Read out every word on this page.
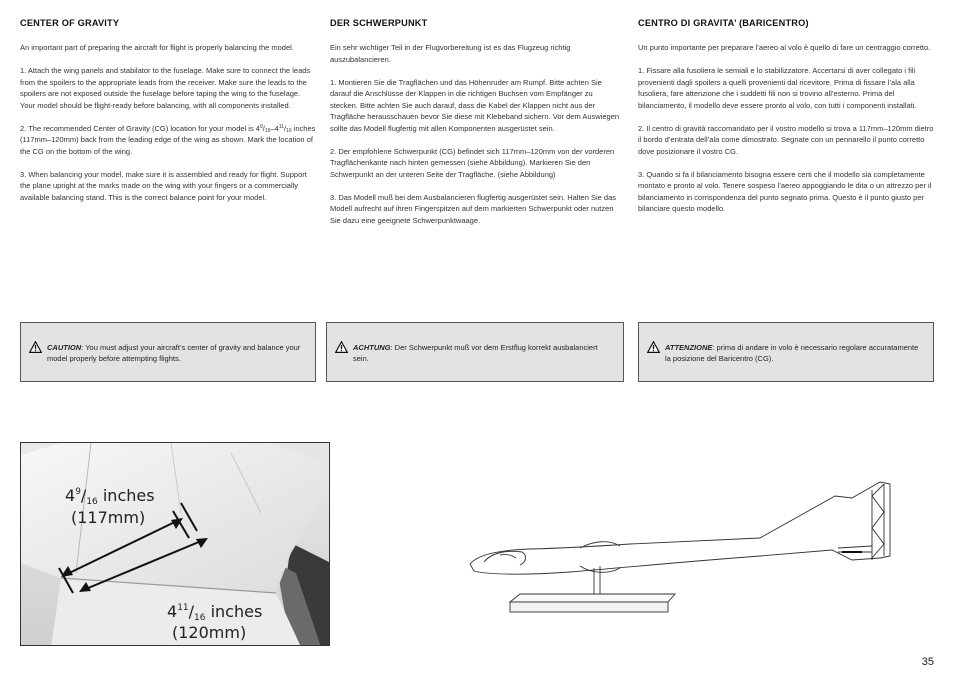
CENTER OF GRAVITY

An important part of preparing the aircraft for flight is properly balancing the model.

1. Attach the wing panels and stabilator to the fuselage. Make sure to connect the leads from the spoilers to the appropriate leads from the receiver. Make sure the leads to the spoilers are not exposed outside the fuselage before taping the wing to the fuselage. Your model should be flight-ready before balancing, with all components installed.

2. The recommended Center of Gravity (CG) location for your model is $4^9/_{16}-4^{11}/_{16}$ inches (117mm–120mm) back from the leading edge of the wing as shown. Mark the location of the CG on the bottom of the wing.

3. When balancing your model, make sure it is assembled and ready for flight. Support the plane upright at the marks made on the wing with your fingers or a commercially available balancing stand. This is the correct balance point for your model.

DER SCHWERPUNKT

Ein sehr wichtiger Teil in der Flugvorbereitung ist es das Flugzeug richtig auszubalancieren.

1. Montieren Sie die Tragflächen und das Höhenruder am Rumpf. Bitte achten Sie darauf die Anschlüsse der Klappen in die richtigen Buchsen vom Empfänger zu stecken. Bitte achten Sie auch darauf, dass die Kabel der Klappen nicht aus der Tragfläche herausschauen bevor Sie diese mit Klebeband sichern. Vor dem Auswiegen sollte das Modell flugfertig mit allen Komponenten ausgerüstet sein.

2. Der empfohlene Schwerpunkt (CG) befindet sich 117mm–120mm von der vorderen Tragflächenkante nach hinten gemessen (siehe Abbildung). Markieren Sie den Schwerpunkt an der unteren Seite der Tragfläche. (siehe Abbildung)

3. Das Modell muß bei dem Ausbalancieren flugfertig ausgerüstet sein. Halten Sie das Modell aufrecht auf ihren Fingerspitzen auf dem markierten Schwerpunkt oder nutzen Sie dazu eine geeignete Schwerpunktwaage.

CENTRO DI GRAVITA’ (BARICENTRO)

Un punto importante per preparare l’aereo al volo è quello di fare un centraggio corretto.

1. Fissare alla fusoliera le semiali e lo stabilizzatore. Accertarsi di aver collegato i fili provenienti dagli spoilers a quelli provenienti dal ricevitore. Prima di fissare l’ala alla fusoliera, fare attenzione che i suddetti fili non si trovino all’esterno. Prima del bilanciamento, il modello deve essere pronto al volo, con tutti i componenti installati.

2. Il centro di gravità raccomandato per il vostro modello si trova a 117mm–120mm dietro il bordo d’entrata dell’ala come dimostrato. Segnate con un pennarello il punto corretto dove posizionare il vostro CG.

3. Quando si fa il bilanciamento bisogna essere certi che il modello sia completamente montato e pronto al volo. Tenere sospeso l’aereo appoggiando le dita o un attrezzo per il bilanciamento in corrispondenza del punto segnato prima. Questo è il punto giusto per bilanciare questo modello.

CAUTION: You must adjust your aircraft’s center of gravity and balance your model properly before attempting flights.
ACHTUNG: Der Schwerpunkt muß vor dem Erstflug korrekt ausbalanciert sein.
ATTENZIONE: prima di andare in volo è necessario regolare accuratamente la posizione del Baricentro (CG).
$4^9/16$ inches
(117mm)
$4^{11}/16$ inches
(120mm)
35
